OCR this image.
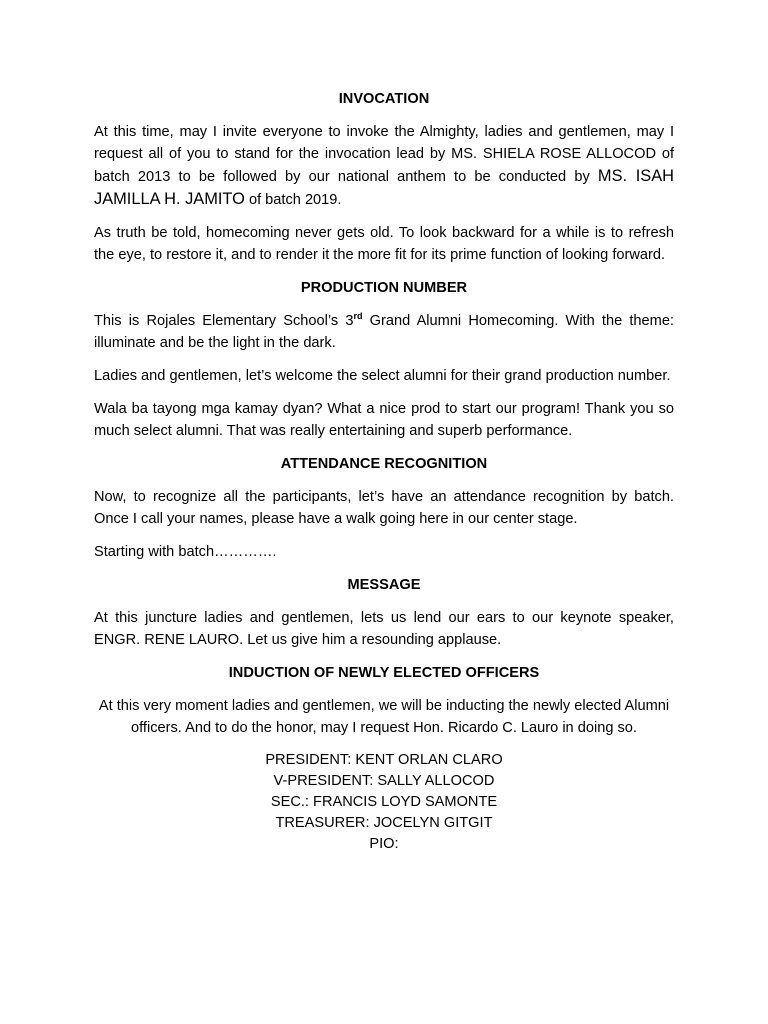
INVOCATION

At this time, may I invite everyone to invoke the Almighty, ladies and gentlemen, may I request all of you to stand for the invocation lead by MS. SHIELA ROSE ALLOCOD of batch 2013 to be followed by our national anthem to be conducted by MS. ISAH JAMILLA H. JAMITO of batch 2019.

As truth be told, homecoming never gets old. To look backward for a while is to refresh the eye, to restore it, and to render it the more fit for its prime function of looking forward.

PRODUCTION NUMBER

This is Rojales Elementary School’s 3rd Grand Alumni Homecoming. With the theme: illuminate and be the light in the dark.

Ladies and gentlemen, let’s welcome the select alumni for their grand production number.

Wala ba tayong mga kamay dyan? What a nice prod to start our program! Thank you so much select alumni. That was really entertaining and superb performance.

ATTENDANCE RECOGNITION

Now, to recognize all the participants, let’s have an attendance recognition by batch. Once I call your names, please have a walk going here in our center stage.

Starting with batch………….

MESSAGE

At this juncture ladies and gentlemen, lets us lend our ears to our keynote speaker, ENGR. RENE LAURO. Let us give him a resounding applause.

INDUCTION OF NEWLY ELECTED OFFICERS

At this very moment ladies and gentlemen, we will be inducting the newly elected Alumni officers. And to do the honor, may I request Hon. Ricardo C. Lauro in doing so.

PRESIDENT: KENT ORLAN CLARO
V-PRESIDENT: SALLY ALLOCOD
SEC.: FRANCIS LOYD SAMONTE
TREASURER: JOCELYN GITGIT
PIO:
